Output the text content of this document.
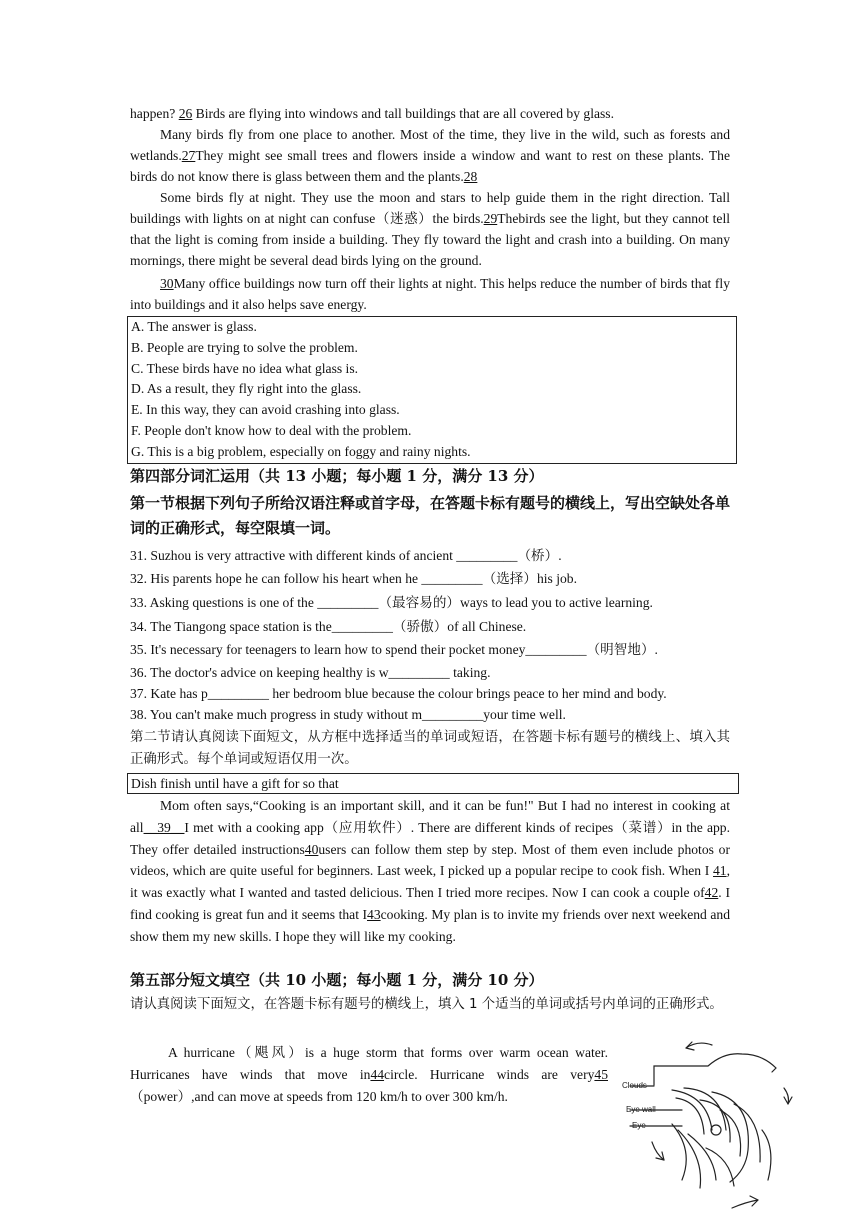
happen? 26 Birds are flying into windows and tall buildings that are all covered by glass.

Many birds fly from one place to another. Most of the time, they live in the wild, such as forests and wetlands.27They might see small trees and flowers inside a window and want to rest on these plants. The birds do not know there is glass between them and the plants.28

Some birds fly at night. They use the moon and stars to help guide them in the right direction. Tall buildings with lights on at night can confuse（迷惑）the birds.29Thebirds see the light, but they cannot tell that the light is coming from inside a building. They fly toward the light and crash into a building. On many mornings, there might be several dead birds lying on the ground.

30Many office buildings now turn off their lights at night. This helps reduce the number of birds that fly into buildings and it also helps save energy.

A. The answer is glass.

B. People are trying to solve the problem.

C. These birds have no idea what glass is.

D. As a result, they fly right into the glass.

E. In this way, they can avoid crashing into glass.

F. People don't know how to deal with the problem.

G. This is a big problem, especially on foggy and rainy nights.

第四部分词汇运用（共 13 小题；每小题 1 分，满分 13 分）

第一节根据下列句子所给汉语注释或首字母，在答题卡标有题号的横线上，写出空缺处各单词的正确形式，每空限填一词。

31. Suzhou is very attractive with different kinds of ancient _________（桥）.

32. His parents hope he can follow his heart when he _________（选择）his job.

33. Asking questions is one of the _________（最容易的）ways to lead you to active learning.

34. The Tiangong space station is the_________（骄傲）of all Chinese.

35. It's necessary for teenagers to learn how to spend their pocket money_________（明智地）.

36. The doctor's advice on keeping healthy is w_________ taking.

37. Kate has p_________ her bedroom blue because the colour brings peace to her mind and body.

38. You can't make much progress in study without m_________your time well.

第二节请认真阅读下面短文，从方框中选择适当的单词或短语，在答题卡标有题号的横线上、填入其正确形式。每个单词或短语仅用一次。

Dish finish until have a gift for so that

Mom often says,“Cooking is an important skill, and it can be fun!" But I had no interest in cooking at all__39__I met with a cooking app（应用软件）. There are different kinds of recipes（菜谱）in the app. They offer detailed instructions40users can follow them step by step. Most of them even include photos or videos, which are quite useful for beginners. Last week, I picked up a popular recipe to cook fish. When I 41, it was exactly what I wanted and tasted delicious. Then I tried more recipes. Now I can cook a couple of42. I find cooking is great fun and it seems that I43cooking. My plan is to invite my friends over next weekend and show them my new skills. I hope they will like my cooking.

第五部分短文填空（共 10 小题；每小题 1 分，满分 10 分）

请认真阅读下面短文，在答题卡标有题号的横线上，填入 1 个适当的单词或括号内单词的正确形式。

A hurricane（飓风）is a huge storm that forms over warm ocean water. Hurricanes have winds that move in44circle. Hurricane winds are very45（power）,and can move at speeds from 120 km/h to over 300 km/h.

Clouds
Eye wall
Eye
